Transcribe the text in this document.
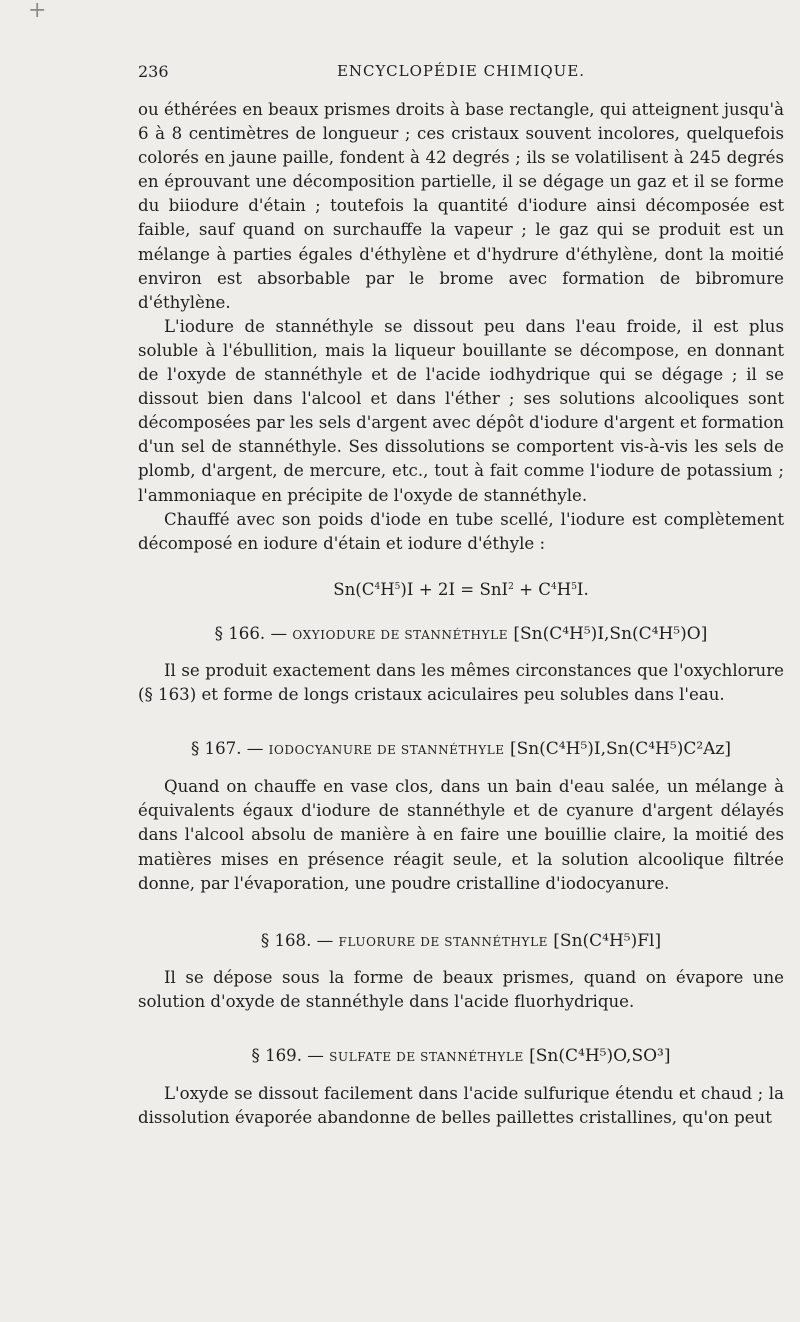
+
236	ENCYCLOPÉDIE CHIMIQUE.

ou éthérées en beaux prismes droits à base rectangle, qui atteignent jusqu'à 6 à 8 centimètres de longueur ; ces cristaux souvent incolores, quelquefois colorés en jaune paille, fondent à 42 degrés ; ils se volatilisent à 245 degrés en éprouvant une décomposition partielle, il se dégage un gaz et il se forme du biiodure d'étain ; toutefois la quantité d'iodure ainsi décomposée est faible, sauf quand on surchauffe la vapeur ; le gaz qui se produit est un mélange à parties égales d'éthylène et d'hydrure d'éthylène, dont la moitié environ est absorbable par le brome avec formation de bibromure d'éthylène.

L'iodure de stannéthyle se dissout peu dans l'eau froide, il est plus soluble à l'ébullition, mais la liqueur bouillante se décompose, en donnant de l'oxyde de stannéthyle et de l'acide iodhydrique qui se dégage ; il se dissout bien dans l'alcool et dans l'éther ; ses solutions alcooliques sont décomposées par les sels d'argent avec dépôt d'iodure d'argent et formation d'un sel de stannéthyle. Ses dissolutions se comportent vis-à-vis les sels de plomb, d'argent, de mercure, etc., tout à fait comme l'iodure de potassium ; l'ammoniaque en précipite de l'oxyde de stannéthyle.

Chauffé avec son poids d'iode en tube scellé, l'iodure est complètement décomposé en iodure d'étain et iodure d'éthyle :

$Sn(C^4H^5)I + 2I = SnI^2 + C^4H^5I$.
§ 166. — OXYIODURE DE STANNÉTHYLE [Sn(C⁴H⁵)I,Sn(C⁴H⁵)O]

Il se produit exactement dans les mêmes circonstances que l'oxychlorure (§ 163) et forme de longs cristaux aciculaires peu solubles dans l'eau.

§ 167. — IODOCYANURE DE STANNÉTHYLE [Sn(C⁴H⁵)I,Sn(C⁴H⁵)C²Az]

Quand on chauffe en vase clos, dans un bain d'eau salée, un mélange à équivalents égaux d'iodure de stannéthyle et de cyanure d'argent délayés dans l'alcool absolu de manière à en faire une bouillie claire, la moitié des matières mises en présence réagit seule, et la solution alcoolique filtrée donne, par l'évaporation, une poudre cristalline d'iodocyanure.

§ 168. — FLUORURE DE STANNÉTHYLE [Sn(C⁴H⁵)Fl]

Il se dépose sous la forme de beaux prismes, quand on évapore une solution d'oxyde de stannéthyle dans l'acide fluorhydrique.

§ 169. — SULFATE DE STANNÉTHYLE [Sn(C⁴H⁵)O,SO³]

L'oxyde se dissout facilement dans l'acide sulfurique étendu et chaud ; la dissolution évaporée abandonne de belles paillettes cristallines, qu'on peut
